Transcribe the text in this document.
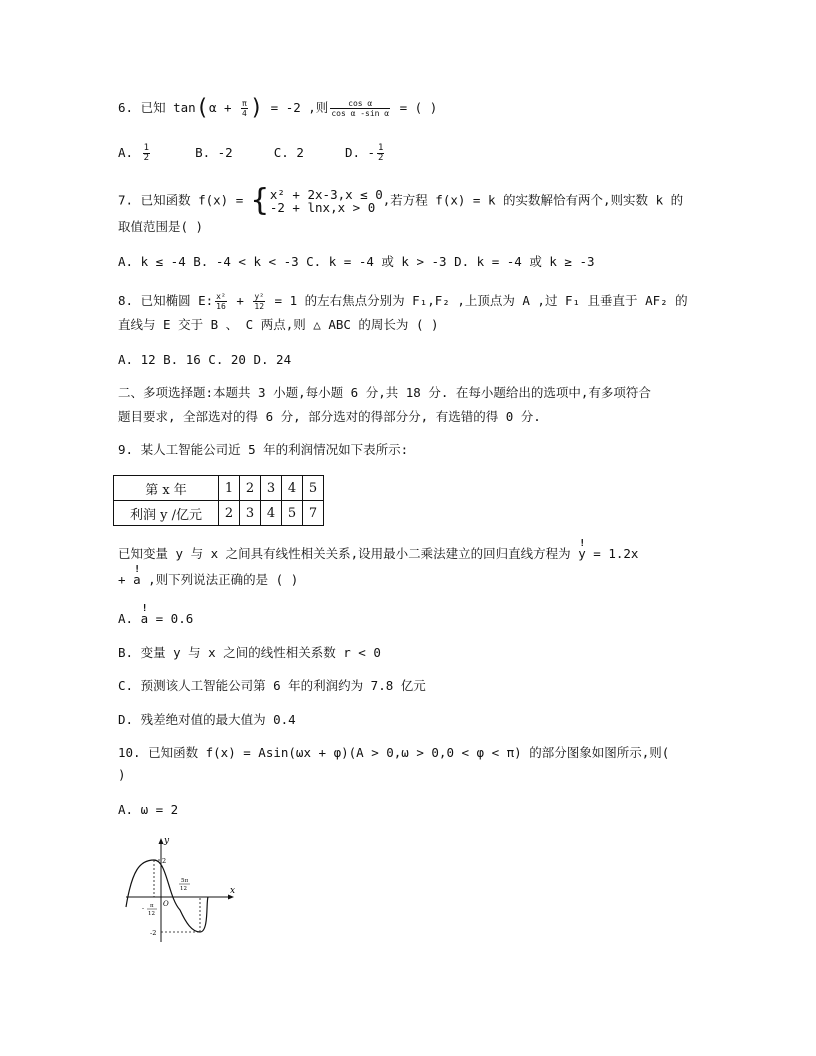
6. 已知 $\tan(\alpha + \frac{\pi}{4}$ ) = -2 ,则 $\frac{\text{cos α}}{\text{cos α -sin α}}$ = ( )
A. $\frac{1}{2}$	B. -2	C. 2	D. - $\frac{1}{2}$
7. 已知函数 f(x) = { x² + 2x-3,x ≤ 0
-2 + lnx,x > 0 ,若方程 f(x) = k 的实数解恰有两个,则实数 k 的
取值范围是( )
A. k ≤ -4 B. -4 < k < -3 C. k = -4 或 k > -3 D. k = -4 或 k ≥ -3
8. 已知椭圆 E: $\frac{\text{x²}}{16} + \frac{\text{y²}}{12} = 1$ 的左右焦点分别为 F₁,F₂ ,上顶点为 A ,过 F₁ 且垂直于 AF₂ 的
直线与 E 交于 B 、 C 两点,则 △ ABC 的周长为 ( )
A. 12 B. 16 C. 20 D. 24
二、多项选择题:本题共 3 小题,每小题 6 分,共 18 分. 在每小题给出的选项中,有多项符合
题目要求, 全部选对的得 6 分, 部分选对的得部分分, 有选错的得 0 分.
9. 某人工智能公司近 5 年的利润情况如下表所示:
第 x 年	1	2	3	4	5
利润 y /亿元	2	3	4	5	7
已知变量 y 与 x 之间具有线性相关关系,设用最小二乘法建立的回归直线方程为
!
y = 1.2x
+
!
a ,则下列说法正确的是 ( )
A.
!
a = 0.6
B. 变量 y 与 x 之间的线性相关系数 r < 0
C. 预测该人工智能公司第 6 年的利润约为 7.8 亿元
D. 残差绝对值的最大值为 0.4
10. 已知函数 f(x) = Asin(ωx + φ)(A > 0,ω > 0,0 < φ < π) 的部分图象如图所示,则(
)
A. ω = 2
y
x
O
2
-2
- π
12
5π
12
